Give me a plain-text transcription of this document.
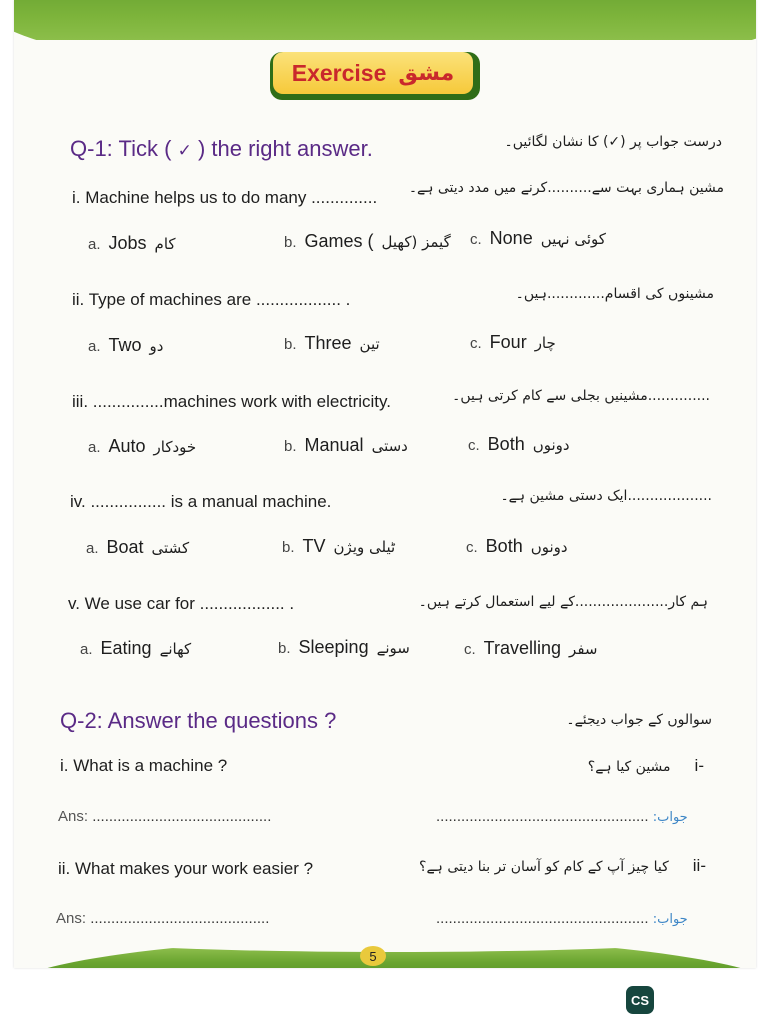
Exercise مشق
Q-1: Tick ( ✓ ) the right answer.	درست جواب پر (✓) کا نشان لگائیں۔
i. Machine helps us to do many .............. مشین ہماری بہت سے..........کرنے میں مدد دیتی ہے۔
a. Jobs کام	b. Games ( گیمز (کھیل c. None کوئی نہیں
ii. Type of machines are .................. .	مشینوں کی اقسام.............ہیں۔
a. Two دو	b. Three تین	c. Four چار
iii. ...............machines work with electricity.	..............مشینیں بجلی سے کام کرتی ہیں۔
a. Auto خودکار	b. Manual دستی	c. Both دونوں
iv. ................ is a manual machine.	...................ایک دستی مشین ہے۔
a. Boat کشتی	b. TV ٹیلی ویژن	c. Both دونوں
v. We use car for .................. .	ہم کار.....................کے لیے استعمال کرتے ہیں۔
a. Eating کھانے	b. Sleeping سونے	c. Travelling سفر
Q-2: Answer the questions ?	سوالوں کے جواب دیجئے۔
i. What is a machine ?	-iمشین کیا ہے؟
Ans: ...........................................	................................................... :جواب
ii. What makes your work easier ?	-iiکیا چیز آپ کے کام کو آسان تر بنا دیتی ہے؟
Ans: ...........................................	................................................... :جواب
5
CS
